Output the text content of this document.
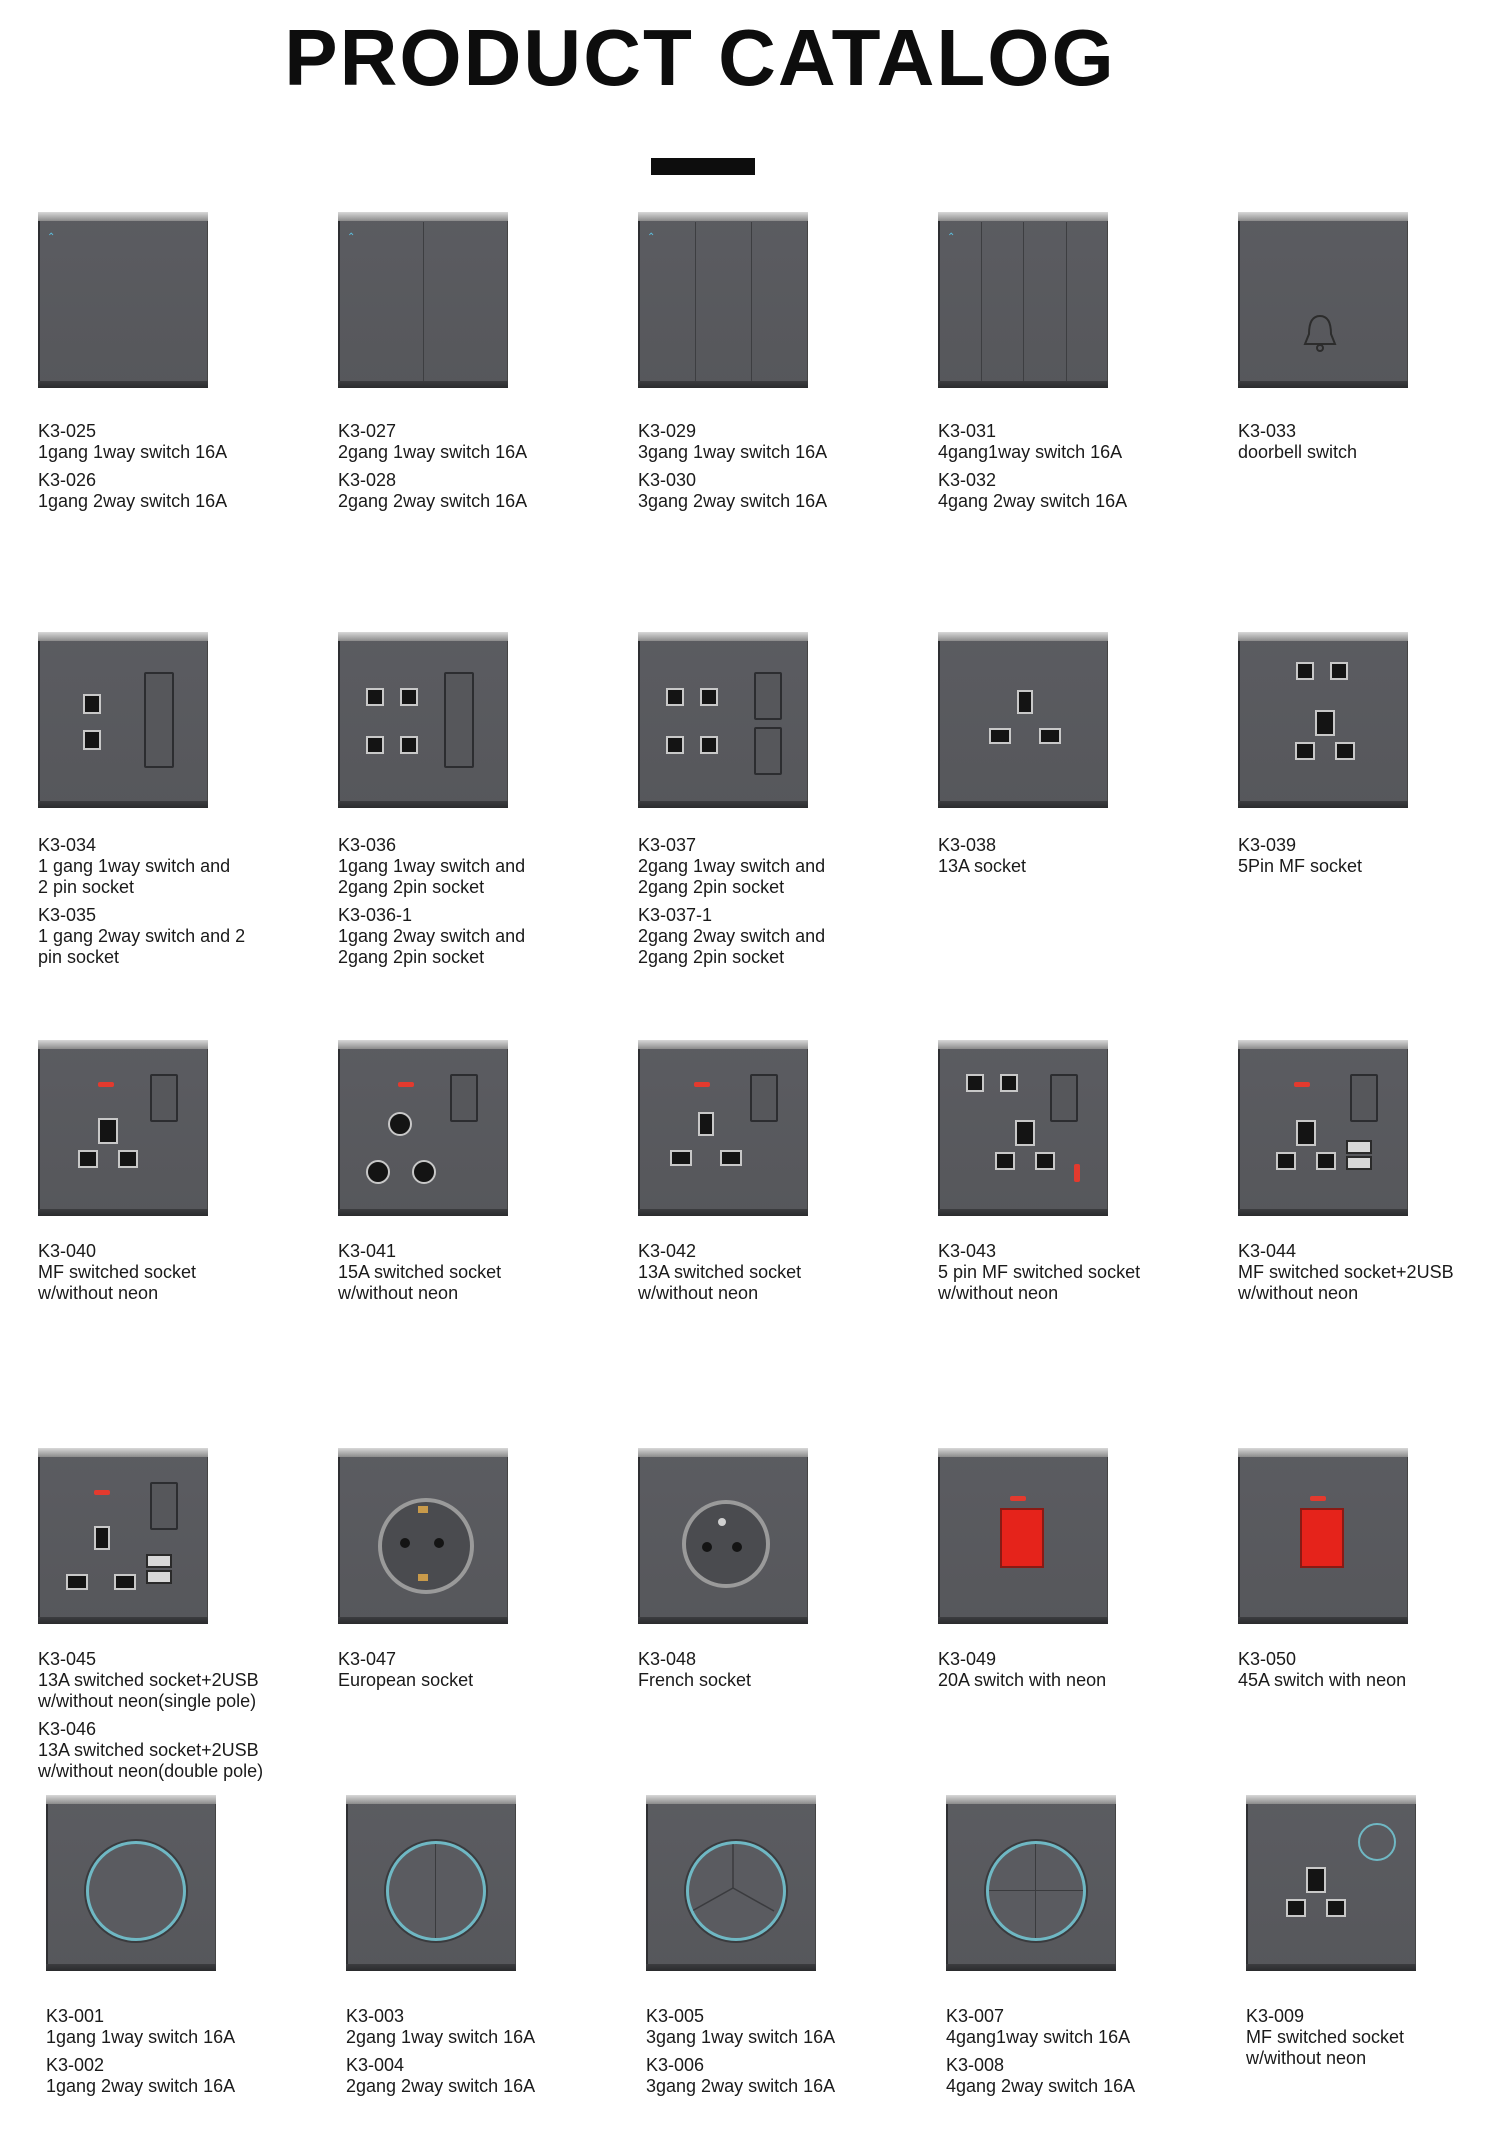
PRODUCT CATALOG
⌃
K3-025
1gang 1way switch 16A
K3-026
1gang 2way switch 16A
⌃
K3-027
2gang 1way switch 16A
K3-028
2gang 2way switch 16A
⌃
K3-029
3gang 1way switch 16A
K3-030
3gang 2way switch 16A
⌃
K3-031
4gang1way switch 16A
K3-032
4gang 2way switch 16A
K3-033
doorbell switch
K3-034
1 gang 1way switch and
2 pin socket
K3-035
1 gang 2way switch and 2
pin socket
K3-036
1gang 1way switch and
2gang 2pin socket
K3-036-1
1gang 2way switch and
2gang 2pin socket
K3-037
2gang 1way switch and
2gang 2pin socket
K3-037-1
2gang 2way switch and
2gang 2pin socket
K3-038
13A socket
K3-039
5Pin MF socket
K3-040
MF switched socket
w/without neon
K3-041
15A switched socket
w/without neon
K3-042
13A switched socket
w/without neon
K3-043
5 pin MF switched socket
w/without neon
K3-044
MF switched socket+2USB
w/without neon
K3-045
13A switched socket+2USB
w/without neon(single pole)
K3-046
13A switched socket+2USB
w/without neon(double pole)
K3-047
European socket
K3-048
French socket
K3-049
20A switch with neon
K3-050
45A switch with neon
K3-001
1gang 1way switch 16A
K3-002
1gang 2way switch 16A
K3-003
2gang 1way switch 16A
K3-004
2gang 2way switch 16A
K3-005
3gang 1way switch 16A
K3-006
3gang 2way switch 16A
K3-007
4gang1way switch 16A
K3-008
4gang 2way switch 16A
K3-009
MF switched socket
w/without neon
